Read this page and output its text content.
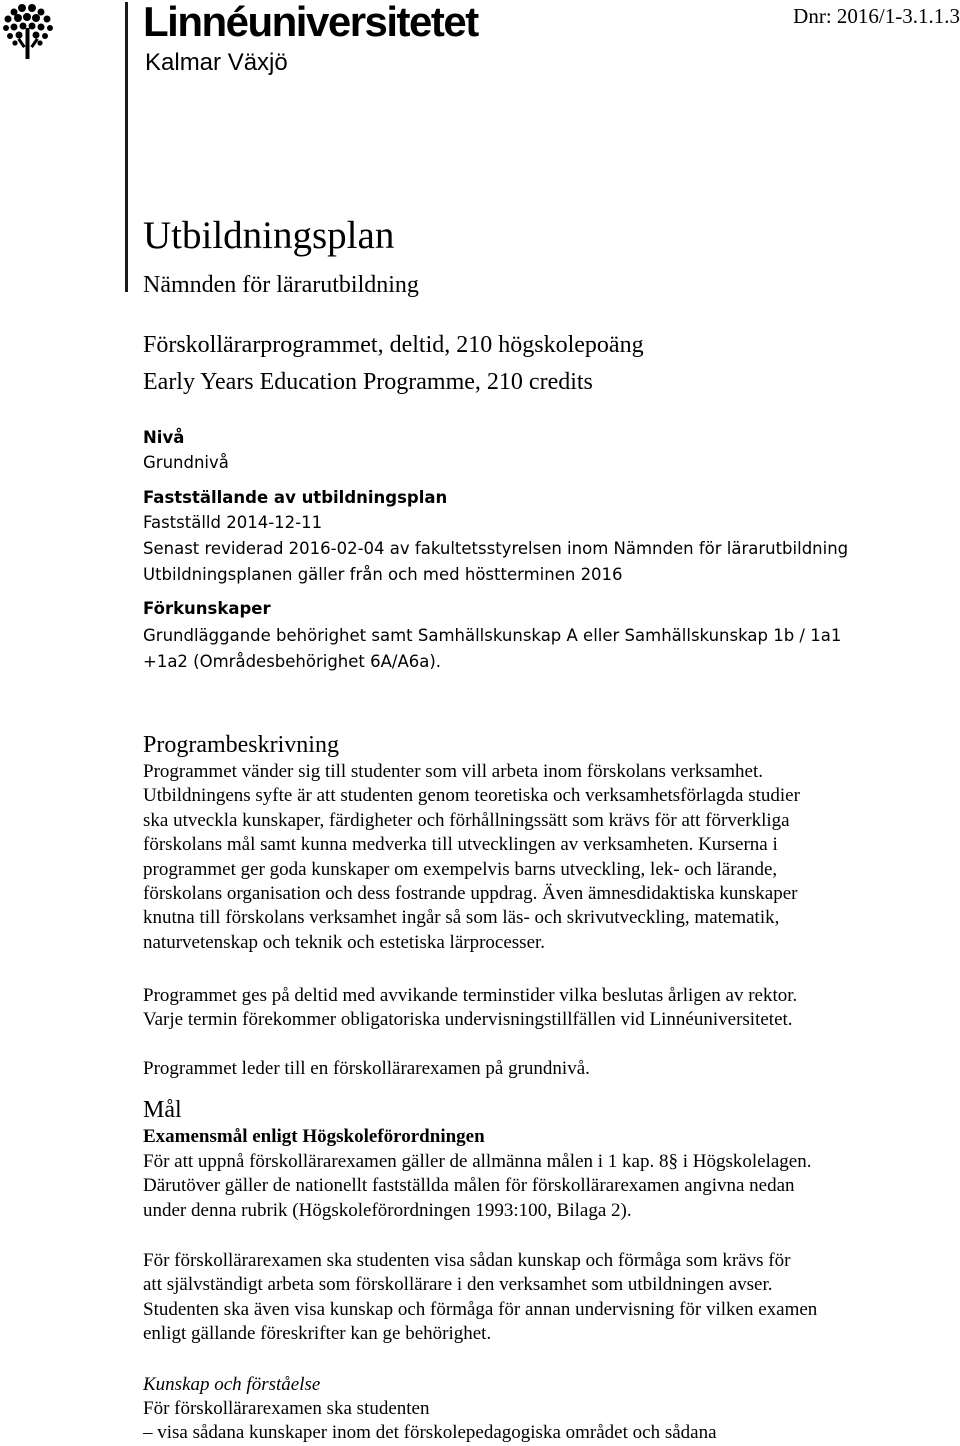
Linnéuniversitetet
Kalmar Växjö
Dnr: 2016/1-3.1.1.3
Utbildningsplan
Nämnden för lärarutbildning
Förskollärarprogrammet, deltid, 210 högskolepoäng
Early Years Education Programme, 210 credits
Nivå
Grundnivå
Fastställande av utbildningsplan
Fastställd 2014-12-11
Senast reviderad 2016-02-04 av fakultetsstyrelsen inom Nämnden för lärarutbildning
Utbildningsplanen gäller från och med höstterminen 2016
Förkunskaper
Grundläggande behörighet samt Samhällskunskap A eller Samhällskunskap 1b / 1a1
+1a2 (Områdesbehörighet 6A/A6a).
Programbeskrivning
Programmet vänder sig till studenter som vill arbeta inom förskolans verksamhet.
Utbildningens syfte är att studenten genom teoretiska och verksamhetsförlagda studier
ska utveckla kunskaper, färdigheter och förhållningssätt som krävs för att förverkliga
förskolans mål samt kunna medverka till utvecklingen av verksamheten. Kurserna i
programmet ger goda kunskaper om exempelvis barns utveckling, lek- och lärande,
förskolans organisation och dess fostrande uppdrag. Även ämnesdidaktiska kunskaper
knutna till förskolans verksamhet ingår så som läs- och skrivutveckling, matematik,
naturvetenskap och teknik och estetiska lärprocesser.
Programmet ges på deltid med avvikande terminstider vilka beslutas årligen av rektor.
Varje termin förekommer obligatoriska undervisningstillfällen vid Linnéuniversitetet.
Programmet leder till en förskollärarexamen på grundnivå.
Mål
Examensmål enligt Högskoleförordningen
För att uppnå förskollärarexamen gäller de allmänna målen i 1 kap. 8§ i Högskolelagen.
Därutöver gäller de nationellt fastställda målen för förskollärarexamen angivna nedan
under denna rubrik (Högskoleförordningen 1993:100, Bilaga 2).
För förskollärarexamen ska studenten visa sådan kunskap och förmåga som krävs för
att självständigt arbeta som förskollärare i den verksamhet som utbildningen avser.
Studenten ska även visa kunskap och förmåga för annan undervisning för vilken examen
enligt gällande föreskrifter kan ge behörighet.
Kunskap och förståelse
För förskollärarexamen ska studenten
– visa sådana kunskaper inom det förskolepedagogiska området och sådana
